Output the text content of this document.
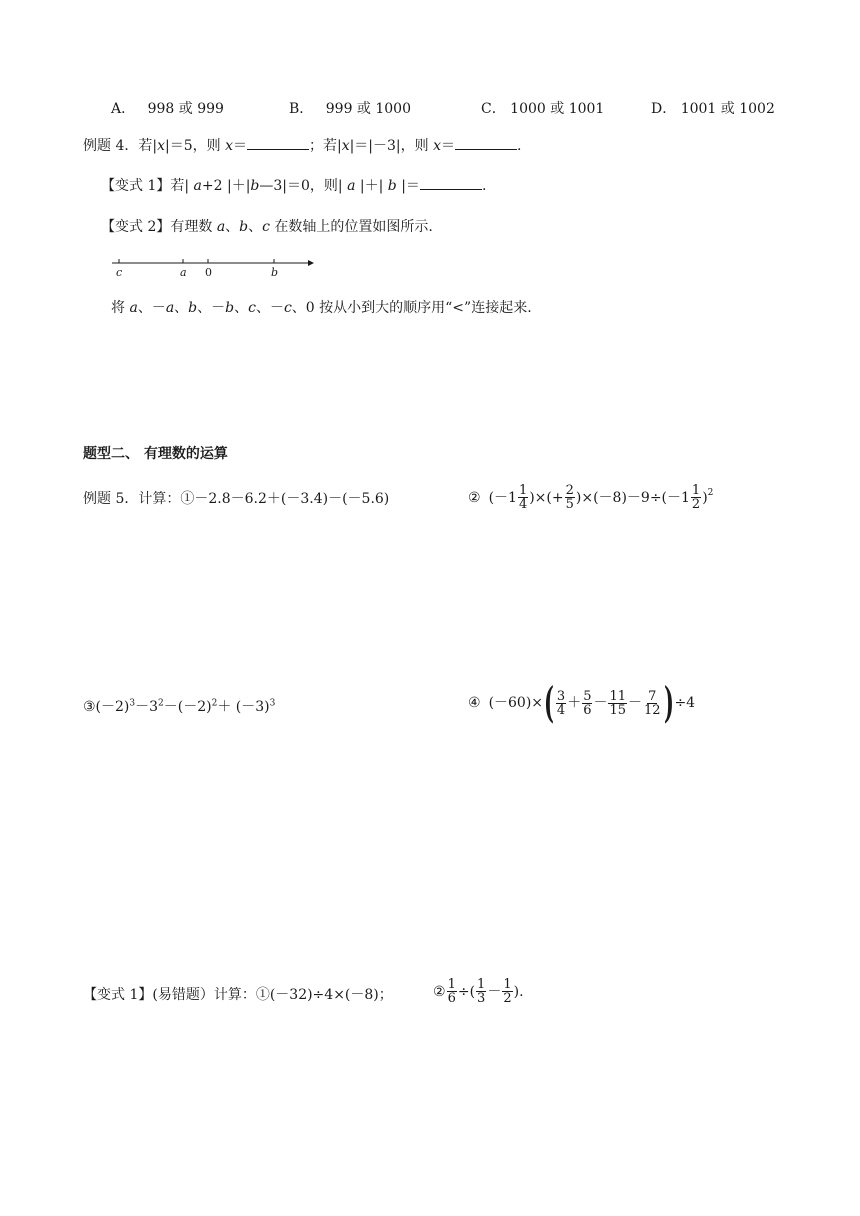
A． 998 或 999	B． 999 或 1000	C． 1000 或 1001	D． 1001 或 1002
例题 4．若|x|＝5，则 x＝	；若|x|＝|－3|，则 x＝	.
【变式 1】若| a+2 |＋|b—3|＝0，则| a |＋| b |＝	.
【变式 2】有理数 a、b、c 在数轴上的位置如图所示.
c	a 0	b
将 a、－a、b、－b、c、－c、0 按从小到大的顺序用“<”连接起来.
题型二、 有理数的运算
例题 5．计算：①－2.8－6.2＋(－3.4)－(－5.6)	② ($-1 \frac{1}{4}$ )×(+ $\frac{2}{5} )\times(-8)-9\div(-1 \frac{1}{2}$ ) 2
$③(-2)^3-3^2-(-2)^2+ (-3)^3$	④ (－60)× ( $\frac{3}{4} + \frac{5}{6} - \frac{11}{15} - \frac{7}{12}$ ) ÷4
【变式 1】(易错题）计算：①(－32)÷4×(－8)；	② $\frac{1}{6}$ ÷( $\frac{1}{3} - \frac{1}{2}$ ).
